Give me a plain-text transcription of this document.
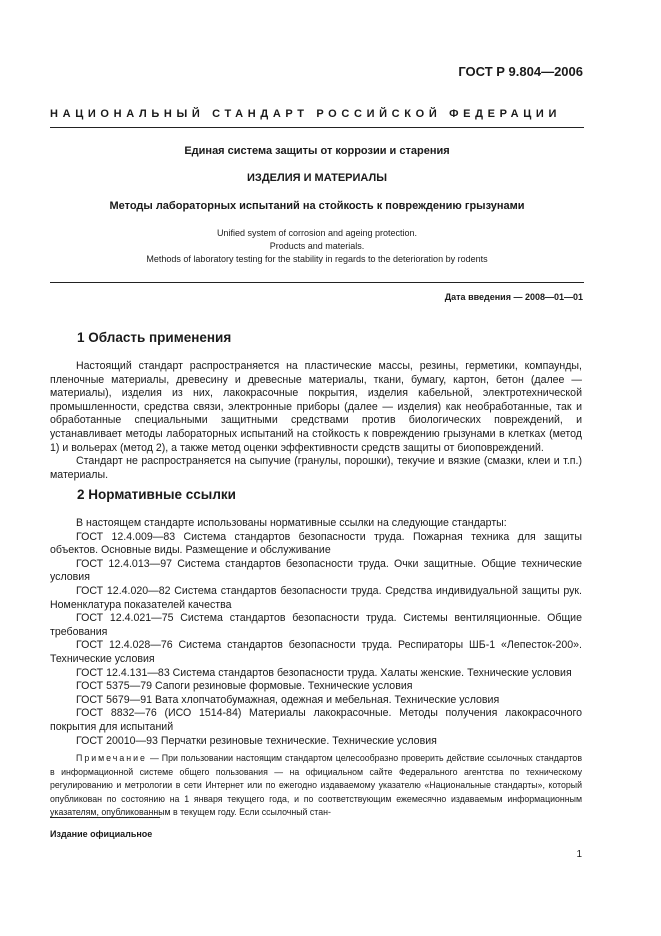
ГОСТ Р 9.804—2006
НАЦИОНАЛЬНЫЙ СТАНДАРТ РОССИЙСКОЙ ФЕДЕРАЦИИ
Единая система защиты от коррозии и старения
ИЗДЕЛИЯ И МАТЕРИАЛЫ
Методы лабораторных испытаний на стойкость к повреждению грызунами
Unified system of corrosion and ageing protection.
Products and materials.
Methods of laboratory testing for the stability in regards to the deterioration by rodents
Дата введения — 2008—01—01
1 Область применения

Настоящий стандарт распространяется на пластические массы, резины, герметики, компаунды, пленочные материалы, древесину и древесные материалы, ткани, бумагу, картон, бетон (далее — материалы), изделия из них, лакокрасочные покрытия, изделия кабельной, электротехнической промышленности, средства связи, электронные приборы (далее — изделия) как необработанные, так и обработанные специальными защитными средствами против биологических повреждений, и устанавливает методы лабораторных испытаний на стойкость к повреждению грызунами в клетках (метод 1) и вольерах (метод 2), а также метод оценки эффективности средств защиты от биоповреждений.

Стандарт не распространяется на сыпучие (гранулы, порошки), текучие и вязкие (смазки, клеи и т.п.) материалы.

2 Нормативные ссылки

В настоящем стандарте использованы нормативные ссылки на следующие стандарты:

ГОСТ 12.4.009—83 Система стандартов безопасности труда. Пожарная техника для защиты объектов. Основные виды. Размещение и обслуживание

ГОСТ 12.4.013—97 Система стандартов безопасности труда. Очки защитные. Общие технические условия

ГОСТ 12.4.020—82 Система стандартов безопасности труда. Средства индивидуальной защиты рук. Номенклатура показателей качества

ГОСТ 12.4.021—75 Система стандартов безопасности труда. Системы вентиляционные. Общие требования

ГОСТ 12.4.028—76 Система стандартов безопасности труда. Респираторы ШБ-1 «Лепесток-200». Технические условия

ГОСТ 12.4.131—83 Система стандартов безопасности труда. Халаты женские. Технические условия

ГОСТ 5375—79 Сапоги резиновые формовые. Технические условия

ГОСТ 5679—91 Вата хлопчатобумажная, одежная и мебельная. Технические условия

ГОСТ 8832—76 (ИСО 1514-84) Материалы лакокрасочные. Методы получения лакокрасочного покрытия для испытаний

ГОСТ 20010—93 Перчатки резиновые технические. Технические условия

Примечание — При пользовании настоящим стандартом целесообразно проверить действие ссылочных стандартов в информационной системе общего пользования — на официальном сайте Федерального агентства по техническому регулированию и метрологии в сети Интернет или по ежегодно издаваемому указателю «Национальные стандарты», который опубликован по состоянию на 1 января текущего года, и по соответствующим ежемесячно издаваемым информационным указателям, опубликованным в текущем году. Если ссылочный стан-
Издание официальное
1
